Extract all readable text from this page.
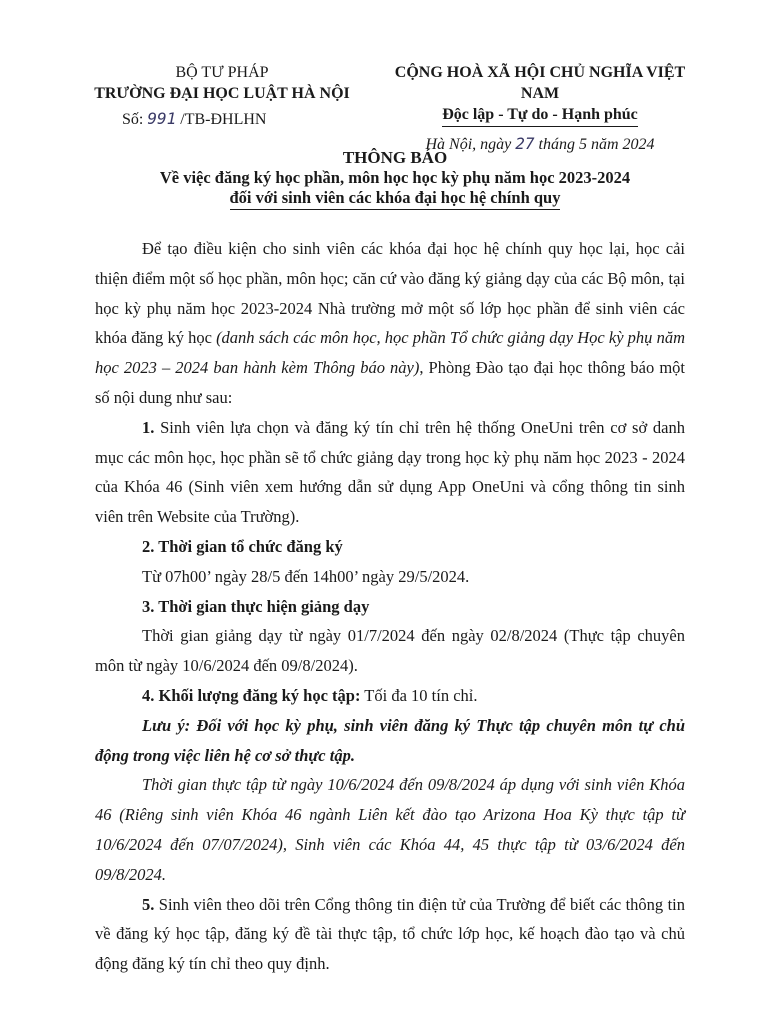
BỘ TƯ PHÁP
TRƯỜNG ĐẠI HỌC LUẬT HÀ NỘI
Số: 991 /TB-ĐHLHN
CỘNG HOÀ XÃ HỘI CHỦ NGHĨA VIỆT NAM
Độc lập - Tự do - Hạnh phúc
Hà Nội, ngày 27 tháng 5 năm 2024
THÔNG BÁO
Về việc đăng ký học phần, môn học học kỳ phụ năm học 2023-2024
đối với sinh viên các khóa đại học hệ chính quy

Để tạo điều kiện cho sinh viên các khóa đại học hệ chính quy học lại, học cải thiện điểm một số học phần, môn học; căn cứ vào đăng ký giảng dạy của các Bộ môn, tại học kỳ phụ năm học 2023-2024 Nhà trường mở một số lớp học phần để sinh viên các khóa đăng ký học (danh sách các môn học, học phần Tổ chức giảng dạy Học kỳ phụ năm học 2023 – 2024 ban hành kèm Thông báo này), Phòng Đào tạo đại học thông báo một số nội dung như sau:

1. Sinh viên lựa chọn và đăng ký tín chỉ trên hệ thống OneUni trên cơ sở danh mục các môn học, học phần sẽ tổ chức giảng dạy trong học kỳ phụ năm học 2023 - 2024 của Khóa 46 (Sinh viên xem hướng dẫn sử dụng App OneUni và cổng thông tin sinh viên trên Website của Trường).

2. Thời gian tổ chức đăng ký

Từ 07h00’ ngày 28/5 đến 14h00’ ngày 29/5/2024.

3. Thời gian thực hiện giảng dạy

Thời gian giảng dạy từ ngày 01/7/2024 đến ngày 02/8/2024 (Thực tập chuyên môn từ ngày 10/6/2024 đến 09/8/2024).

4. Khối lượng đăng ký học tập: Tối đa 10 tín chỉ.

Lưu ý: Đối với học kỳ phụ, sinh viên đăng ký Thực tập chuyên môn tự chủ động trong việc liên hệ cơ sở thực tập.

Thời gian thực tập từ ngày 10/6/2024 đến 09/8/2024 áp dụng với sinh viên Khóa 46 (Riêng sinh viên Khóa 46 ngành Liên kết đào tạo Arizona Hoa Kỳ thực tập từ 10/6/2024 đến 07/07/2024), Sinh viên các Khóa 44, 45 thực tập từ 03/6/2024 đến 09/8/2024.

5. Sinh viên theo dõi trên Cổng thông tin điện tử của Trường để biết các thông tin về đăng ký học tập, đăng ký đề tài thực tập, tổ chức lớp học, kế hoạch đào tạo và chủ động đăng ký tín chỉ theo quy định.
